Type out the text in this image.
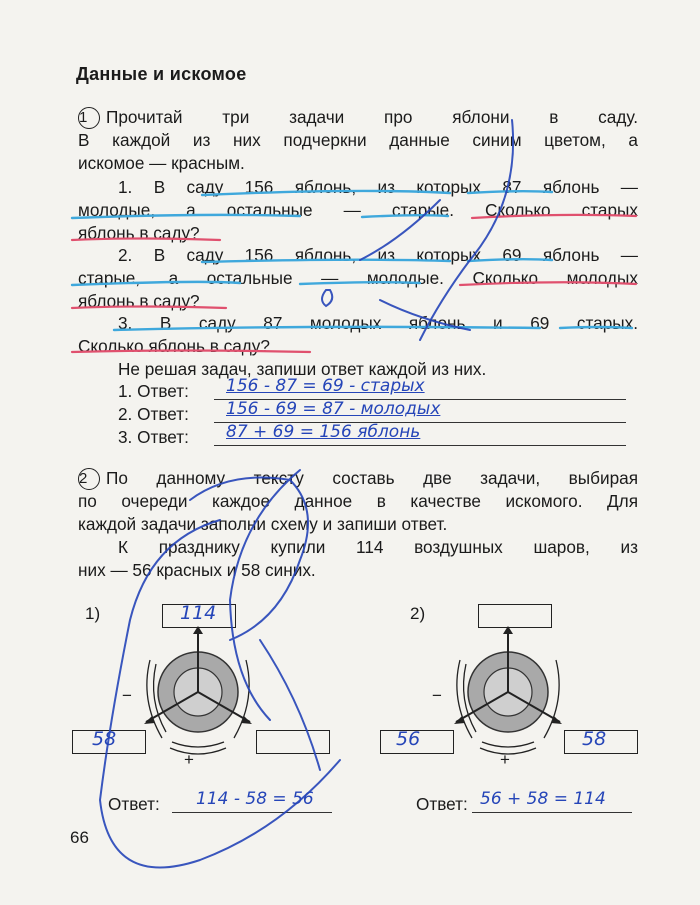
Данные и искомое
1 Прочитай три задачи про яблони в саду.
В каждой из них подчеркни данные синим цветом, а
искомое — красным.
1. В саду 156 яблонь, из которых 87 яблонь —
молодые, а остальные — старые. Сколько старых
яблонь в саду?
2. В саду 156 яблонь, из которых 69 яблонь —
старые, а остальные — молодые. Сколько молодых
яблонь в саду?
3. В саду 87 молодых яблонь и 69 старых.
Сколько яблонь в саду?
Не решая задач, запиши ответ каждой из них.
1. Ответ: 156 - 87 = 69 - старых
2. Ответ: 156 - 69 = 87 - молодых
3. Ответ: 87 + 69 = 156 яблонь
2 По данному тексту составь две задачи, выбирая
по очереди каждое данное в качестве искомого. Для
каждой задачи заполни схему и запиши ответ.
К празднику купили 114 воздушных шаров, из
них — 56 красных и 58 синих.
1)	114
58
−
+
Ответ: 114 - 58 = 56
2)
56	58
−
+
Ответ: 56 + 58 = 114
66
